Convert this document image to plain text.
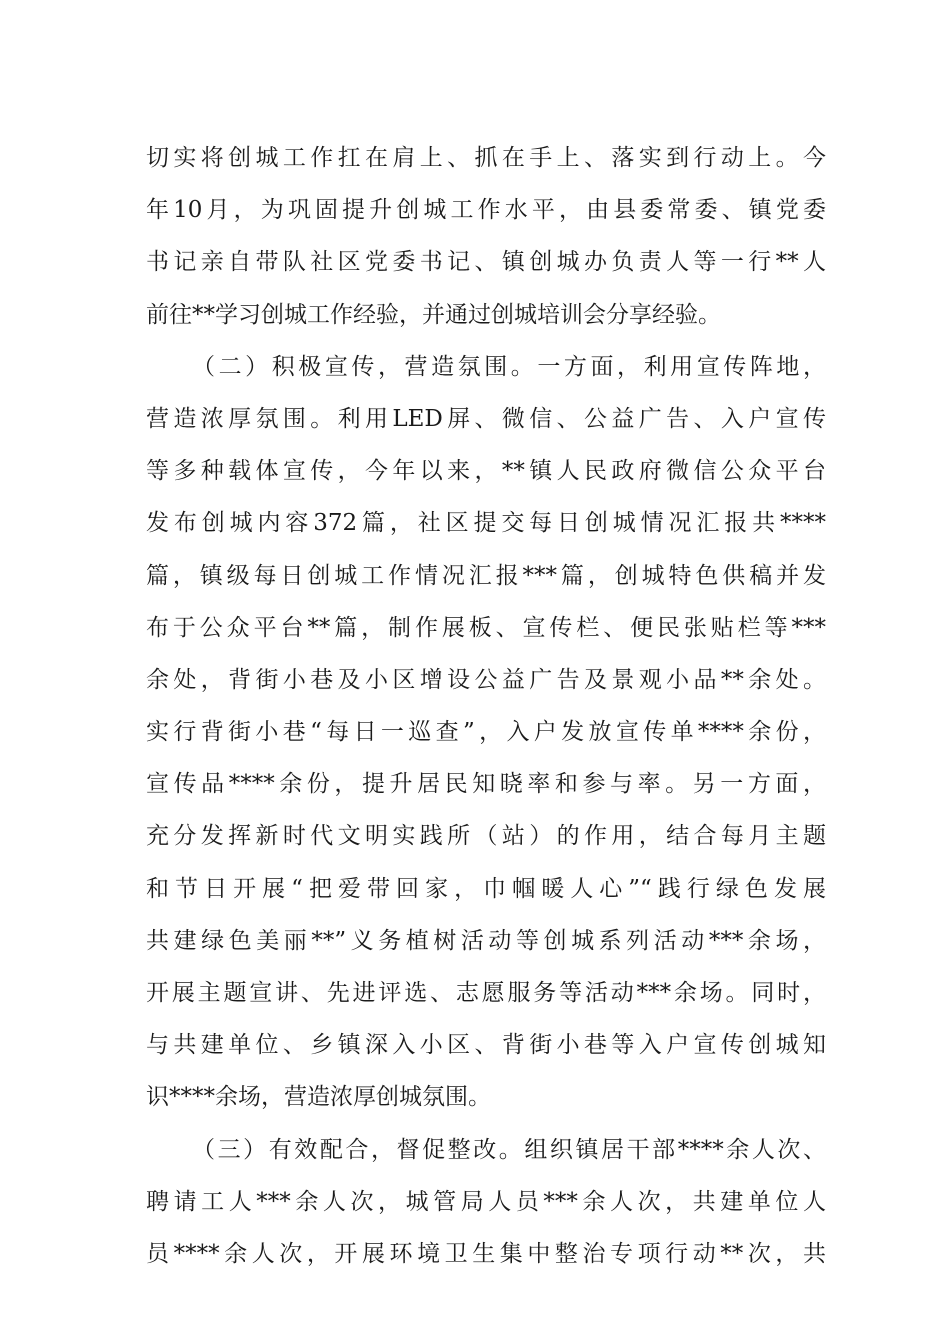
切实将创城工作扛在肩上、抓在手上、落实到行动上。今
年10月，为巩固提升创城工作水平，由县委常委、镇党委
书记亲自带队社区党委书记、镇创城办负责人等一行**人
前往**学习创城工作经验，并通过创城培训会分享经验。
（二）积极宣传，营造氛围。一方面，利用宣传阵地，
营造浓厚氛围。利用LED屏、微信、公益广告、入户宣传
等多种载体宣传，今年以来，**镇人民政府微信公众平台
发布创城内容372篇，社区提交每日创城情况汇报共****
篇，镇级每日创城工作情况汇报***篇，创城特色供稿并发
布于公众平台**篇，制作展板、宣传栏、便民张贴栏等***
余处，背街小巷及小区增设公益广告及景观小品**余处。
实行背街小巷“每日一巡查”，入户发放宣传单****余份，
宣传品****余份，提升居民知晓率和参与率。另一方面，
充分发挥新时代文明实践所（站）的作用，结合每月主题
和节日开展“把爱带回家，巾帼暖人心”“践行绿色发展
共建绿色美丽**”义务植树活动等创城系列活动***余场，
开展主题宣讲、先进评选、志愿服务等活动***余场。同时，
与共建单位、乡镇深入小区、背街小巷等入户宣传创城知
识****余场，营造浓厚创城氛围。
（三）有效配合，督促整改。组织镇居干部****余人次、
聘请工人***余人次，城管局人员***余人次，共建单位人
员****余人次，开展环境卫生集中整治专项行动**次，共
